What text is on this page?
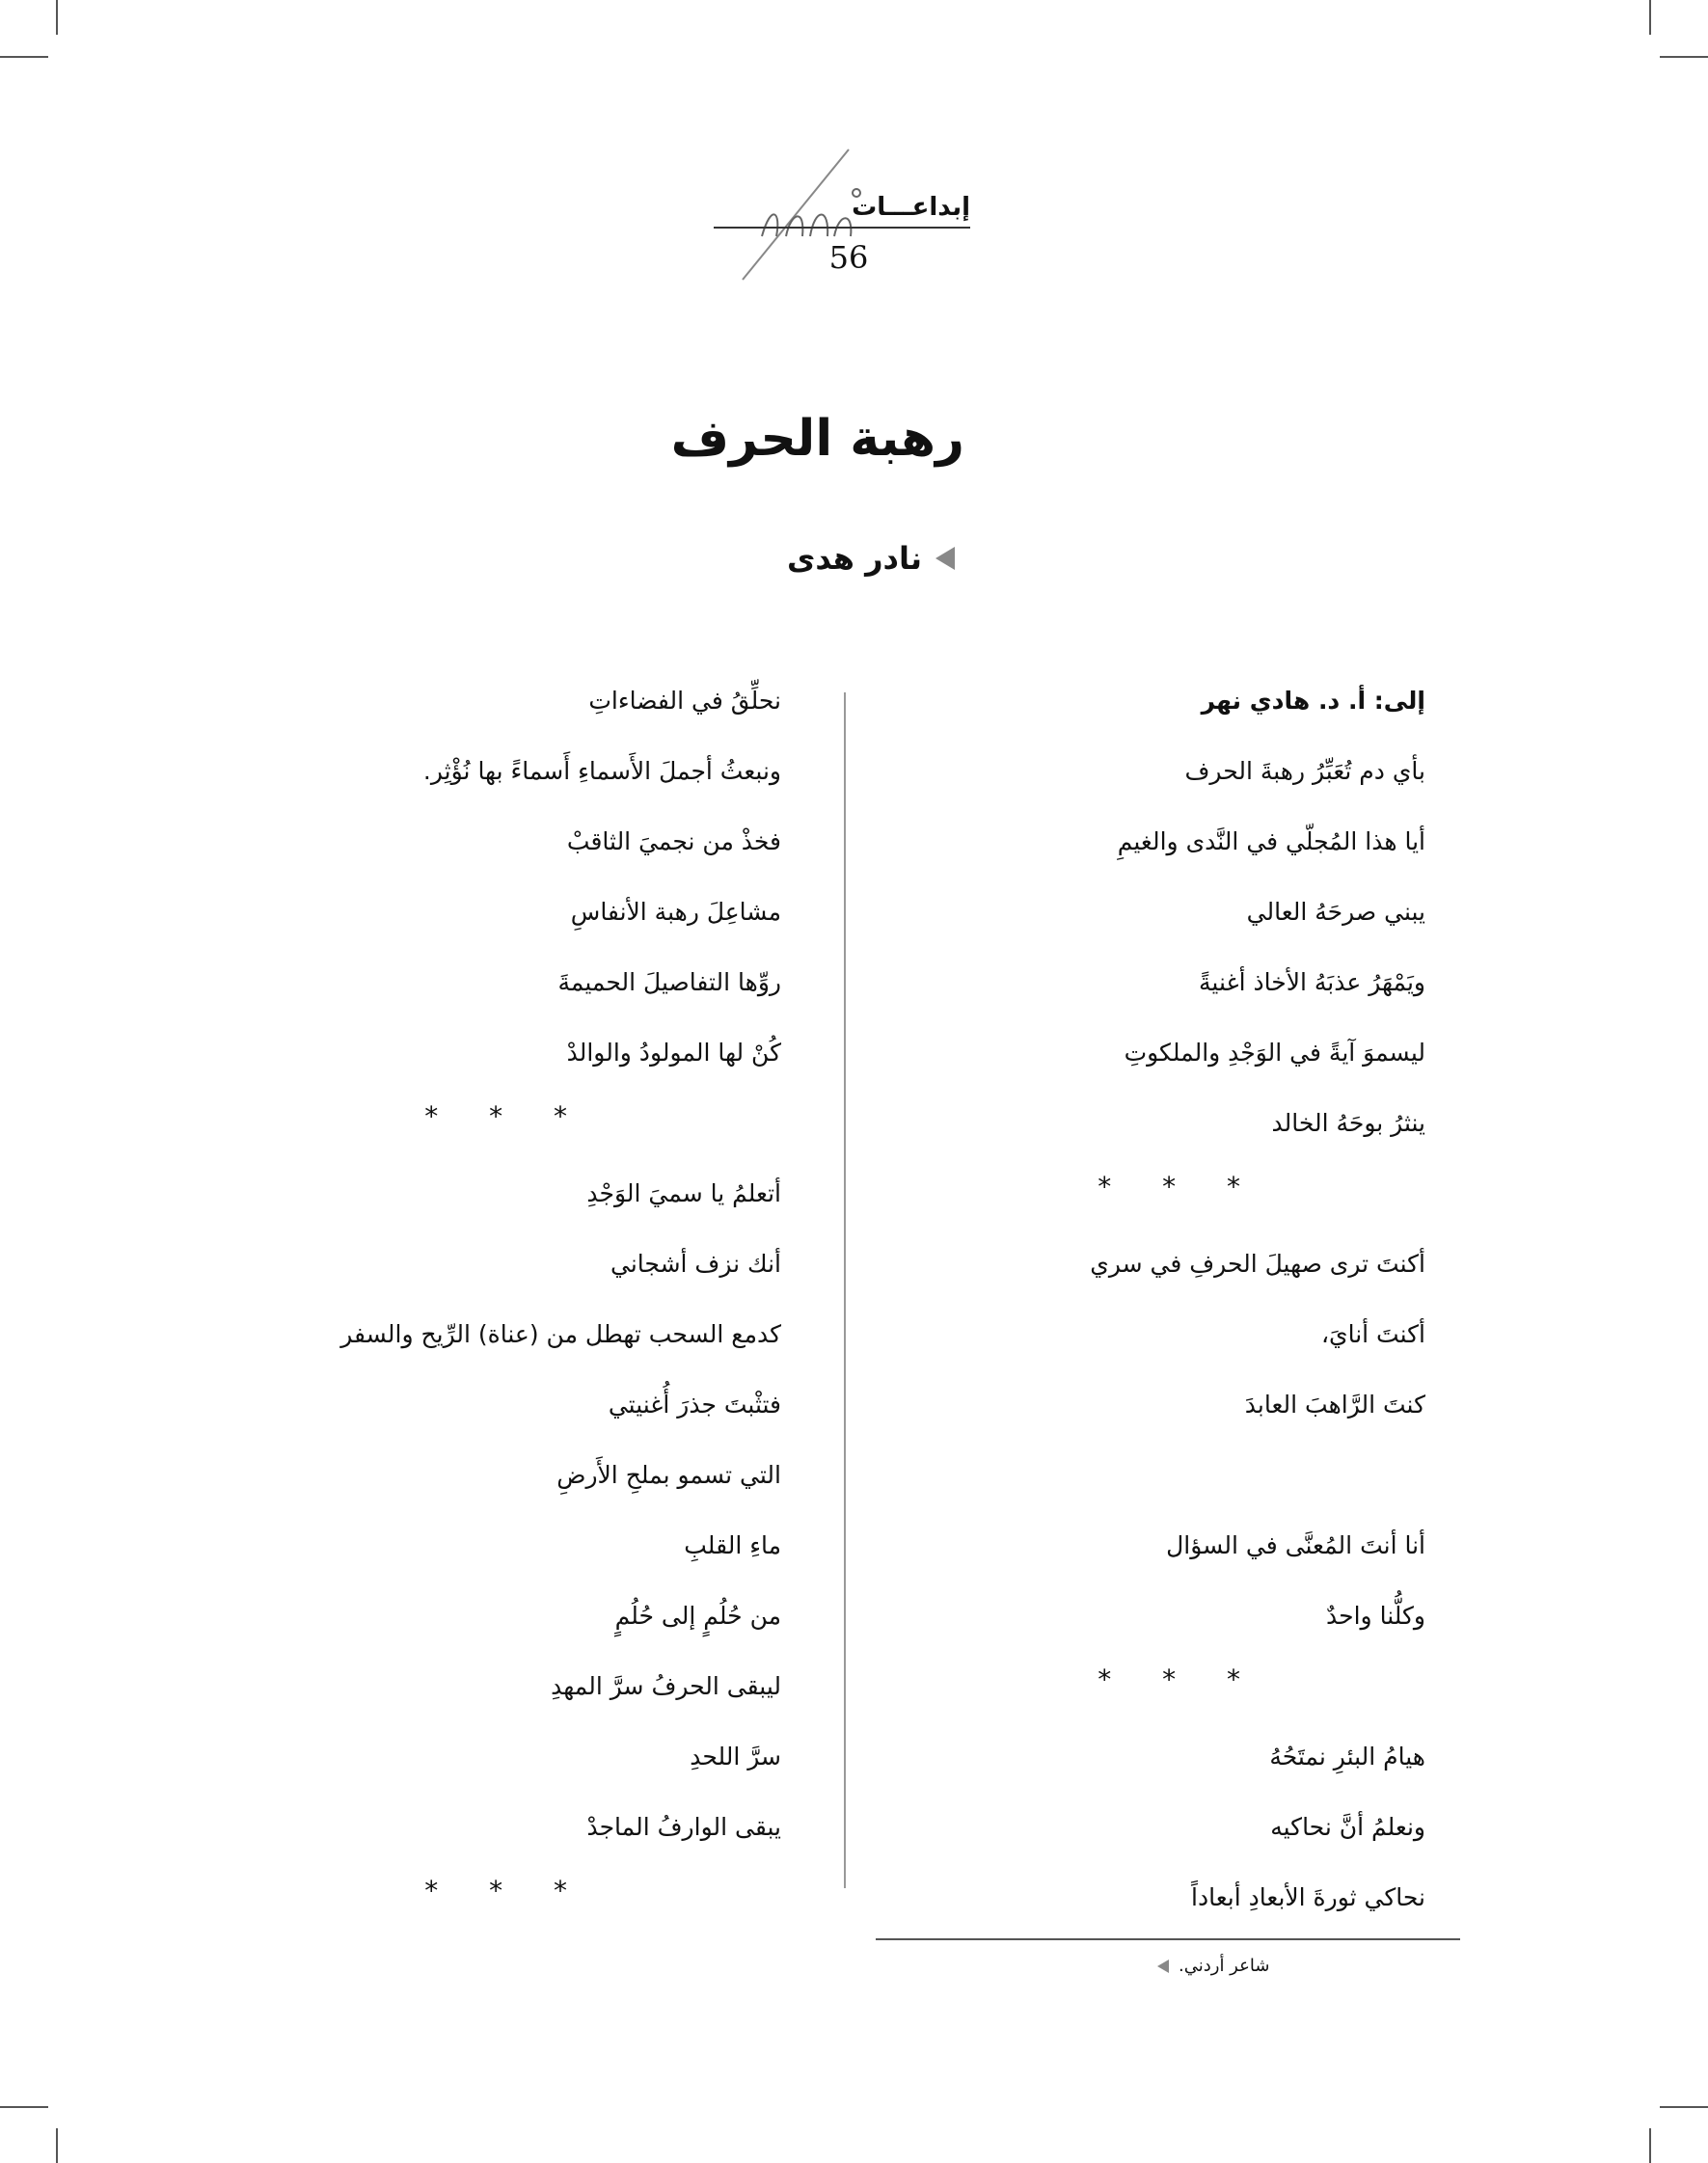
إبداعـــات
56
رهبة الحرف
نادر هدى
إلى: أ. د. هادي نهر
بأي دم تُعَبِّرُ رهبةَ الحرف
أيا هذا المُجلّي في النَّدى والغيمِ
يبني صرحَهُ العالي
ويَمْهَرُ عذبَهُ الأخاذ أغنيةً
ليسموَ آيةً في الوَجْدِ والملكوتِ
ينثرُ بوحَهُ الخالد
* * *
أكنتَ ترى صهيلَ الحرفِ في سري
أكنتَ أنايَ،
كنتَ الرَّاهبَ العابدَ
أنا أنتَ المُعنَّى في السؤال
وكلُّنا واحدٌ
* * *
هيامُ البئرِ نمتَحُهُ
ونعلمُ أنَّ نحاكيه
نحاكي ثورةَ الأبعادِ أبعاداً
نحلِّقُ في الفضاءاتِ
ونبعثُ أجملَ الأَسماءِ أَسماءً بها نُؤْثِر.
فخذْ من نجميَ الثاقبْ
مشاعِلَ رهبة الأنفاسِ
روِّها التفاصيلَ الحميمةَ
كُنْ لها المولودُ والوالدْ
* * *
أتعلمُ يا سميَ الوَجْدِ
أنك نزف أشجاني
كدمع السحب تهطل من (عناة) الرِّيح والسفر
فتثْبتَ جذرَ أُغنيتي
التي تسمو بملحِ الأَرضِ
ماءِ القلبِ
من حُلُمٍ إلى حُلُمٍ
ليبقى الحرفُ سرَّ المهدِ
سرَّ اللحدِ
يبقى الوارفُ الماجدْ
* * *
شاعر أردني.
